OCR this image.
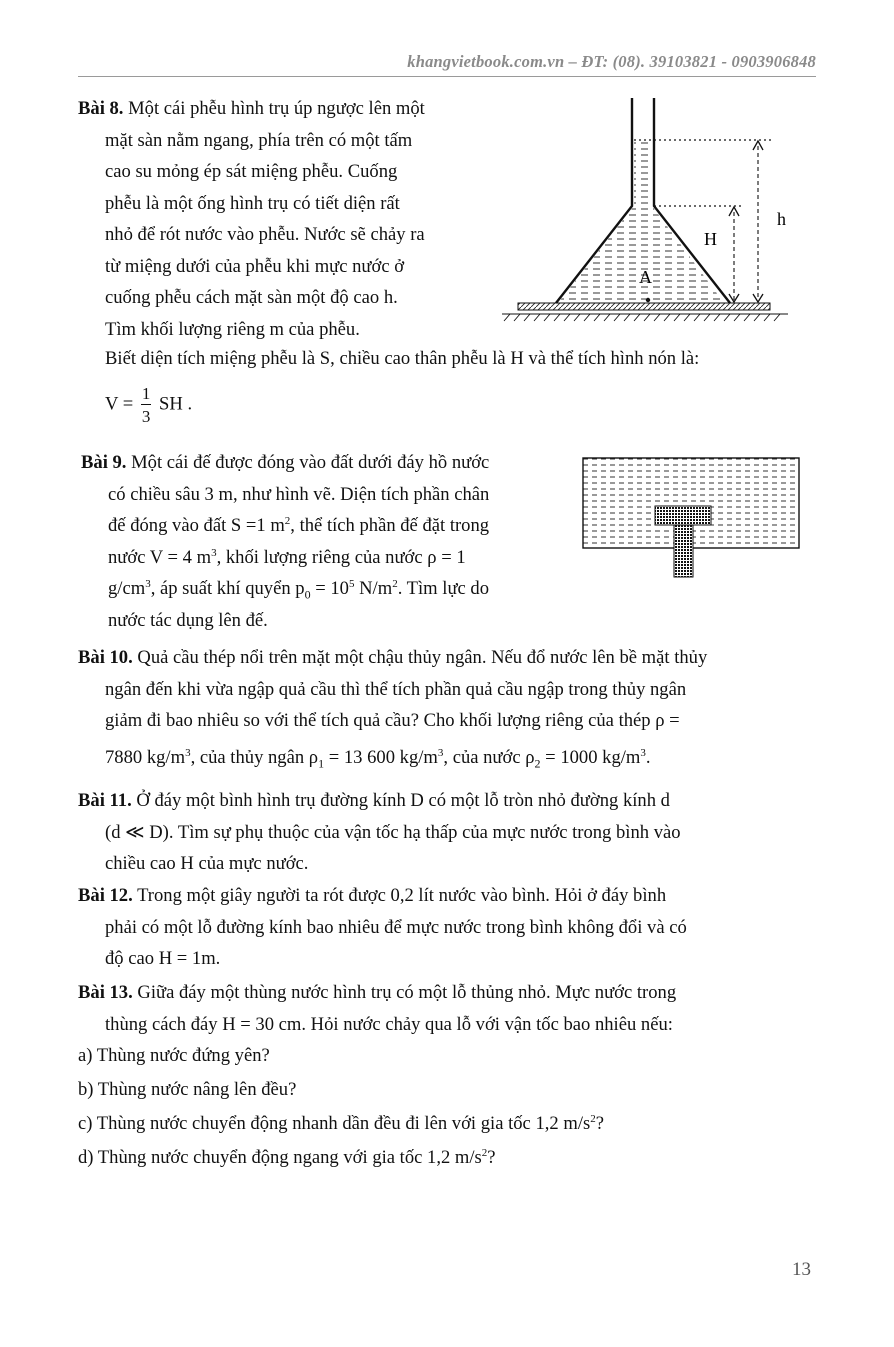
khangvietbook.com.vn – ĐT: (08). 39103821 - 0903906848
Bài 8. Một cái phễu hình trụ úp ngược lên một
mặt sàn nằm ngang, phía trên có một tấm
cao su mỏng ép sát miệng phễu. Cuống
phễu là một ống hình trụ có tiết diện rất
nhỏ để rót nước vào phễu. Nước sẽ chảy ra
từ miệng dưới của phễu khi mực nước ở
cuống phễu cách mặt sàn một độ cao h.
Tìm khối lượng riêng m của phễu.
Biết diện tích miệng phễu là S, chiều cao thân phễu là H và thể tích hình nón là:
$V = \frac{1}{3}$ SH .
h
H
A
Bài 9. Một cái đế được đóng vào đất dưới đáy hồ nước
có chiều sâu 3 m, như hình vẽ. Diện tích phần chân
đế đóng vào đất S =1 $m^2$, thể tích phần đế đặt trong
nước V = 4 $m^3$, khối lượng riêng của nước ρ = 1
$g/cm^3$, áp suất khí quyển $p_0 = 10^5$ $N/m^2$. Tìm lực do
nước tác dụng lên đế.
Bài 10. Quả cầu thép nổi trên mặt một chậu thủy ngân. Nếu đổ nước lên bề mặt thủy
ngân đến khi vừa ngập quả cầu thì thể tích phần quả cầu ngập trong thủy ngân
giảm đi bao nhiêu so với thể tích quả cầu? Cho khối lượng riêng của thép ρ =
7880 $kg/m^3$, của thủy ngân $\rho_1 = 13$ 600 $kg/m^3$, của nước $\rho_2 = 1000$ $kg/m^3$.
Bài 11. Ở đáy một bình hình trụ đường kính D có một lỗ tròn nhỏ đường kính d
(d ≪ D). Tìm sự phụ thuộc của vận tốc hạ thấp của mực nước trong bình vào
chiều cao H của mực nước.
Bài 12. Trong một giây người ta rót được 0,2 lít nước vào bình. Hỏi ở đáy bình
phải có một lỗ đường kính bao nhiêu để mực nước trong bình không đổi và có
độ cao H = 1m.
Bài 13. Giữa đáy một thùng nước hình trụ có một lỗ thủng nhỏ. Mực nước trong
thùng cách đáy H = 30 cm. Hỏi nước chảy qua lỗ với vận tốc bao nhiêu nếu:
a) Thùng nước đứng yên?
b) Thùng nước nâng lên đều?
c) Thùng nước chuyển động nhanh dần đều đi lên với gia tốc 1,2 $m/s^2$?
d) Thùng nước chuyển động ngang với gia tốc 1,2 $m/s^2$?
13
